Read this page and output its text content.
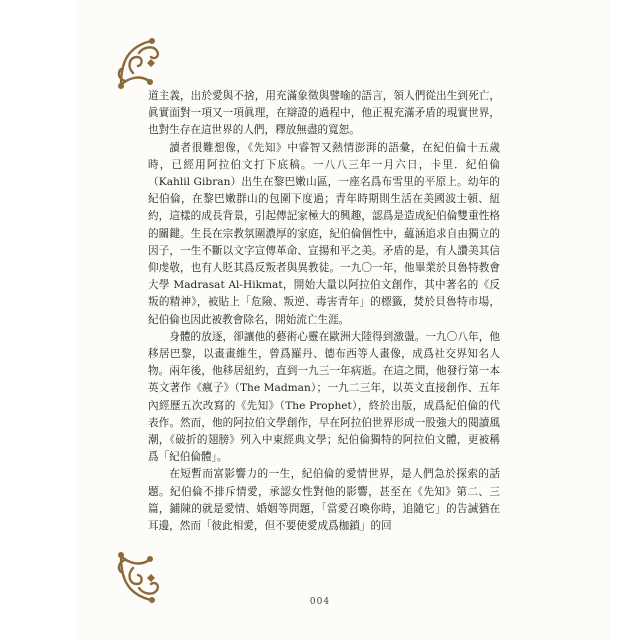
道主義，出於愛與不捨，用充滿象徵與譬喻的語言，領人們從出生到死亡，眞實面對一項又一項眞理，在辯證的過程中，他正視充滿矛盾的現實世界，也對生存在這世界的人們，釋放無盡的寬恕。

讀者很難想像，《先知》中睿智又熱情澎湃的語彙，在紀伯倫十五歲時，已經用阿拉伯文打下底稿。一八八三年一月六日，卡里．紀伯倫（Kahlil Gibran）出生在黎巴嫩山區，一座名爲布雪里的平原上。幼年的紀伯倫，在黎巴嫩群山的包圍下度過；青年時期則生活在美國波士頓、紐約，這樣的成長背景，引起傳記家極大的興趣，認爲是造成紀伯倫雙重性格的關鍵。生長在宗教氛圍濃厚的家庭，紀伯倫個性中，蘊涵追求自由獨立的因子，一生不斷以文字宣傳革命、宣揚和平之美。矛盾的是，有人讚美其信仰虔敬，也有人貶其爲反叛者與異教徒。一九〇一年，他畢業於貝魯特教會大學 Madrasat Al-Hikmat，開始大量以阿拉伯文創作，其中著名的《反叛的精神》，被貼上「危險、叛逆、毒害青年」的標籤，焚於貝魯特市場，紀伯倫也因此被教會除名，開始流亡生涯。

身體的放逐，卻讓他的藝術心靈在歐洲大陸得到激盪。一九〇八年，他移居巴黎，以畫畫維生，曾爲羅丹、德布西等人畫像，成爲社交界知名人物。兩年後，他移居紐約，直到一九三一年病逝。在這之間，他發行第一本英文著作《瘋子》（The Madman）；一九二三年，以英文直接創作、五年內經歷五次改寫的《先知》（The Prophet），終於出版，成爲紀伯倫的代表作。然而，他的阿拉伯文學創作，早在阿拉伯世界形成一股強大的閱讀風潮，《破折的翅膀》列入中東經典文學；紀伯倫獨特的阿拉伯文體，更被稱爲「紀伯倫體」。

在短暫而富影響力的一生，紀伯倫的愛情世界，是人們急於探索的話題。紀伯倫不排斥情愛，承認女性對他的影響，甚至在《先知》第二、三篇，鋪陳的就是愛情、婚姻等問題，「當愛召喚你時，追隨它」的告誡猶在耳邊，然而「彼此相愛，但不要使愛成爲枷鎖」的回

004
